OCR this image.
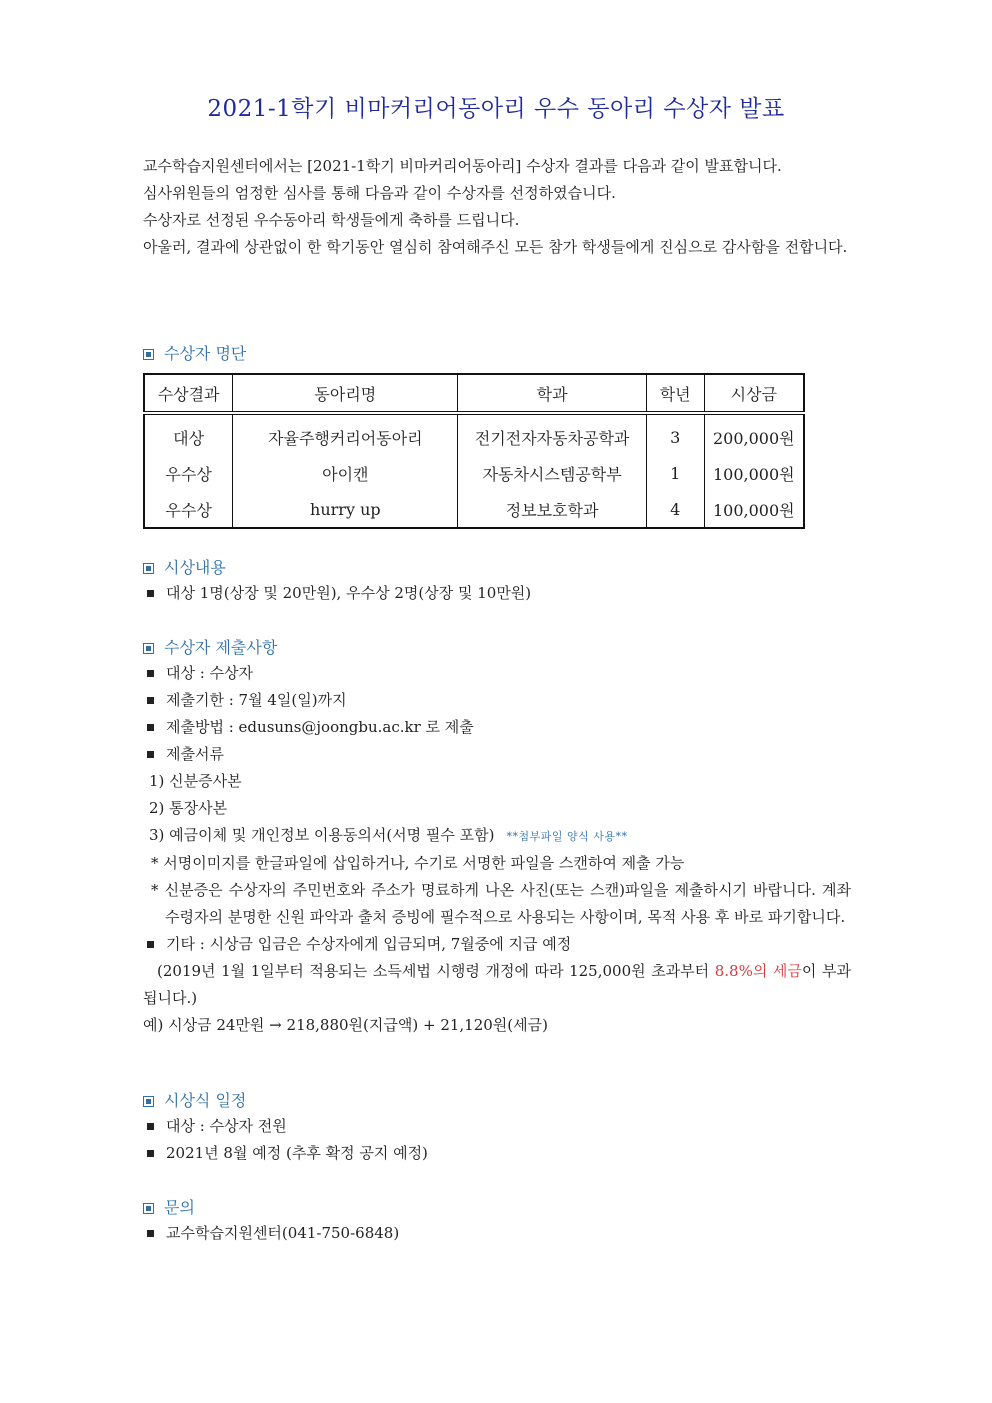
2021-1학기 비마커리어동아리 우수 동아리 수상자 발표

교수학습지원센터에서는 [2021-1학기 비마커리어동아리] 수상자 결과를 다음과 같이 발표합니다.

심사위원들의 엄정한 심사를 통해 다음과 같이 수상자를 선정하였습니다.

수상자로 선정된 우수동아리 학생들에게 축하를 드립니다.

아울러, 결과에 상관없이 한 학기동안 열심히 참여해주신 모든 참가 학생들에게 진심으로 감사함을 전합니다.

수상자 명단
수상결과	동아리명	학과	학년	시상금
대상	자율주행커리어동아리	전기전자자동차공학과	3	200,000원
우수상	아이캔	자동차시스템공학부	1	100,000원
우수상	hurry up	정보보호학과	4	100,000원
시상내용

대상 1명(상장 및 20만원), 우수상 2명(상장 및 10만원)

수상자 제출사항

대상 : 수상자

제출기한 : 7월 4일(일)까지

제출방법 : edusuns@joongbu.ac.kr 로 제출

제출서류

1) 신분증사본

2) 통장사본

3) 예금이체 및 개인정보 이용동의서(서명 필수 포함) **첨부파일 양식 사용**

* 서명이미지를 한글파일에 삽입하거나, 수기로 서명한 파일을 스캔하여 제출 가능

* 신분증은 수상자의 주민번호와 주소가 명료하게 나온 사진(또는 스캔)파일을 제출하시기 바랍니다. 계좌 수령자의 분명한 신원 파악과 출처 증빙에 필수적으로 사용되는 사항이며, 목적 사용 후 바로 파기합니다.

기타 : 시상금 입금은 수상자에게 입금되며, 7월중에 지급 예정

(2019년 1월 1일부터 적용되는 소득세법 시행령 개정에 따라 125,000원 초과부터 8.8%의 세금이 부과됩니다.)

예) 시상금 24만원 → 218,880원(지급액) + 21,120원(세금)

시상식 일정

대상 : 수상자 전원

2021년 8월 예정 (추후 확정 공지 예정)

문의

교수학습지원센터(041-750-6848)
